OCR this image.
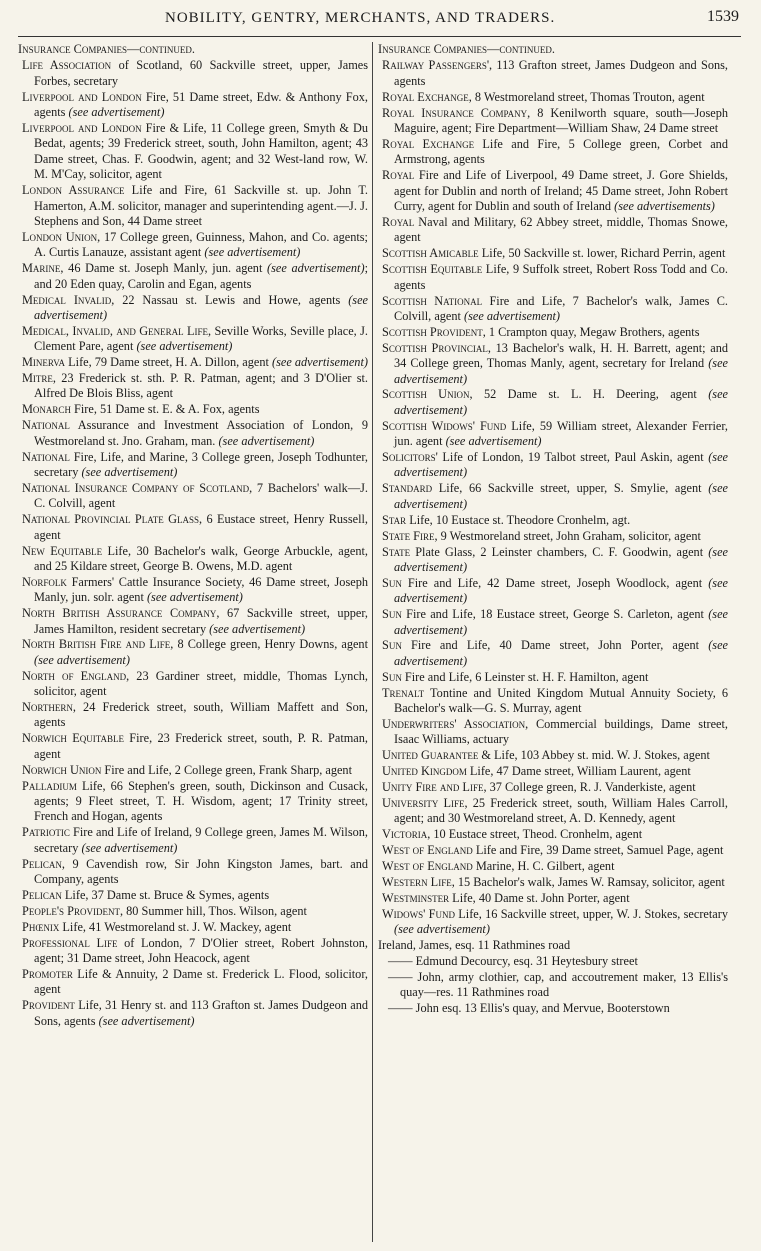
NOBILITY, GENTRY, MERCHANTS, AND TRADERS.	1539
Insurance Companies—continued.
Life Association of Scotland, 60 Sackville street, upper, James Forbes, secretary
Liverpool and London Fire, 51 Dame street, Edw. & Anthony Fox, agents (see advertisement)
Liverpool and London Fire & Life, 11 College green, Smyth & Du Bedat, agents; 39 Frederick street, south, John Hamilton, agent; 43 Dame street, Chas. F. Goodwin, agent; and 32 West-land row, W. M. M'Cay, solicitor, agent
London Assurance Life and Fire, 61 Sackville st. up. John T. Hamerton, A.M. solicitor, manager and superintending agent.—J. J. Stephens and Son, 44 Dame street
London Union, 17 College green, Guinness, Mahon, and Co. agents; A. Curtis Lanauze, assistant agent (see advertisement)
Marine, 46 Dame st. Joseph Manly, jun. agent (see advertisement); and 20 Eden quay, Carolin and Egan, agents
Medical Invalid, 22 Nassau st. Lewis and Howe, agents (see advertisement)
Medical, Invalid, and General Life, Seville Works, Seville place, J. Clement Pare, agent (see advertisement)
Minerva Life, 79 Dame street, H. A. Dillon, agent (see advertisement)
Mitre, 23 Frederick st. sth. P. R. Patman, agent; and 3 D'Olier st. Alfred De Blois Bliss, agent
Monarch Fire, 51 Dame st. E. & A. Fox, agents
National Assurance and Investment Association of London, 9 Westmoreland st. Jno. Graham, man. (see advertisement)
National Fire, Life, and Marine, 3 College green, Joseph Todhunter, secretary (see advertisement)
National Insurance Company of Scotland, 7 Bachelors' walk—J. C. Colvill, agent
National Provincial Plate Glass, 6 Eustace street, Henry Russell, agent
New Equitable Life, 30 Bachelor's walk, George Arbuckle, agent, and 25 Kildare street, George B. Owens, M.D. agent
Norfolk Farmers' Cattle Insurance Society, 46 Dame street, Joseph Manly, jun. solr. agent (see advertisement)
North British Assurance Company, 67 Sackville street, upper, James Hamilton, resident secretary (see advertisement)
North British Fire and Life, 8 College green, Henry Downs, agent (see advertisement)
North of England, 23 Gardiner street, middle, Thomas Lynch, solicitor, agent
Northern, 24 Frederick street, south, William Maffett and Son, agents
Norwich Equitable Fire, 23 Frederick street, south, P. R. Patman, agent
Norwich Union Fire and Life, 2 College green, Frank Sharp, agent
Palladium Life, 66 Stephen's green, south, Dickinson and Cusack, agents; 9 Fleet street, T. H. Wisdom, agent; 17 Trinity street, French and Hogan, agents
Patriotic Fire and Life of Ireland, 9 College green, James M. Wilson, secretary (see advertisement)
Pelican, 9 Cavendish row, Sir John Kingston James, bart. and Company, agents
Pelican Life, 37 Dame st. Bruce & Symes, agents
People's Provident, 80 Summer hill, Thos. Wilson, agent
Phœnix Life, 41 Westmoreland st. J. W. Mackey, agent
Professional Life of London, 7 D'Olier street, Robert Johnston, agent; 31 Dame street, John Heacock, agent
Promoter Life & Annuity, 2 Dame st. Frederick L. Flood, solicitor, agent
Provident Life, 31 Henry st. and 113 Grafton st. James Dudgeon and Sons, agents (see advertisement)
Insurance Companies—continued.
Railway Passengers', 113 Grafton street, James Dudgeon and Sons, agents
Royal Exchange, 8 Westmoreland street, Thomas Trouton, agent
Royal Insurance Company, 8 Kenilworth square, south—Joseph Maguire, agent; Fire Department—William Shaw, 24 Dame street
Royal Exchange Life and Fire, 5 College green, Corbet and Armstrong, agents
Royal Fire and Life of Liverpool, 49 Dame street, J. Gore Shields, agent for Dublin and north of Ireland; 45 Dame street, John Robert Curry, agent for Dublin and south of Ireland (see advertisements)
Royal Naval and Military, 62 Abbey street, middle, Thomas Snowe, agent
Scottish Amicable Life, 50 Sackville st. lower, Richard Perrin, agent
Scottish Equitable Life, 9 Suffolk street, Robert Ross Todd and Co. agents
Scottish National Fire and Life, 7 Bachelor's walk, James C. Colvill, agent (see advertisement)
Scottish Provident, 1 Crampton quay, Megaw Brothers, agents
Scottish Provincial, 13 Bachelor's walk, H. H. Barrett, agent; and 34 College green, Thomas Manly, agent, secretary for Ireland (see advertisement)
Scottish Union, 52 Dame st. L. H. Deering, agent (see advertisement)
Scottish Widows' Fund Life, 59 William street, Alexander Ferrier, jun. agent (see advertisement)
Solicitors' Life of London, 19 Talbot street, Paul Askin, agent (see advertisement)
Standard Life, 66 Sackville street, upper, S. Smylie, agent (see advertisement)
Star Life, 10 Eustace st. Theodore Cronhelm, agt.
State Fire, 9 Westmoreland street, John Graham, solicitor, agent
State Plate Glass, 2 Leinster chambers, C. F. Goodwin, agent (see advertisement)
Sun Fire and Life, 42 Dame street, Joseph Woodlock, agent (see advertisement)
Sun Fire and Life, 18 Eustace street, George S. Carleton, agent (see advertisement)
Sun Fire and Life, 40 Dame street, John Porter, agent (see advertisement)
Sun Fire and Life, 6 Leinster st. H. F. Hamilton, agent
Trenalt Tontine and United Kingdom Mutual Annuity Society, 6 Bachelor's walk—G. S. Murray, agent
Underwriters' Association, Commercial buildings, Dame street, Isaac Williams, actuary
United Guarantee & Life, 103 Abbey st. mid. W. J. Stokes, agent
United Kingdom Life, 47 Dame street, William Laurent, agent
Unity Fire and Life, 37 College green, R. J. Vanderkiste, agent
University Life, 25 Frederick street, south, William Hales Carroll, agent; and 30 Westmoreland street, A. D. Kennedy, agent
Victoria, 10 Eustace street, Theod. Cronhelm, agent
West of England Life and Fire, 39 Dame street, Samuel Page, agent
West of England Marine, H. C. Gilbert, agent
Western Life, 15 Bachelor's walk, James W. Ramsay, solicitor, agent
Westminster Life, 40 Dame st. John Porter, agent
Widows' Fund Life, 16 Sackville street, upper, W. J. Stokes, secretary (see advertisement)
Ireland, James, esq. 11 Rathmines road
—— Edmund Decourcy, esq. 31 Heytesbury street
—— John, army clothier, cap, and accoutrement maker, 13 Ellis's quay—res. 11 Rathmines road
—— John esq. 13 Ellis's quay, and Mervue, Booterstown
